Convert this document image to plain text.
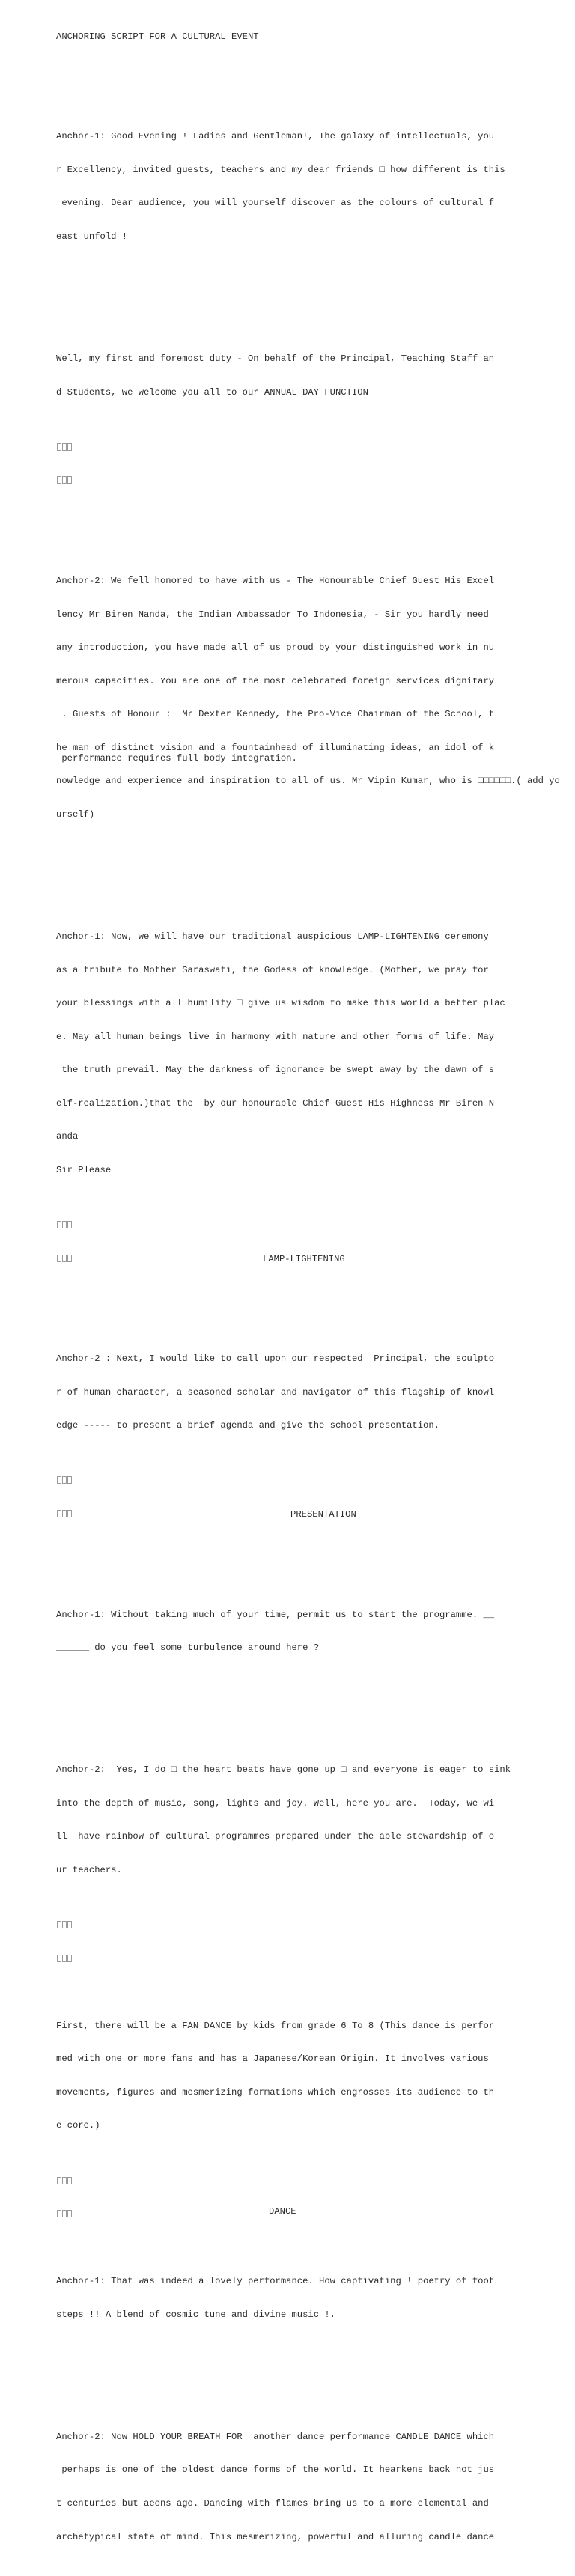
ANCHORING SCRIPT FOR A CULTURAL EVENT

Anchor-1: Good Evening ! Ladies and Gentleman!, The galaxy of intellectuals, you

r Excellency, invited guests, teachers and my dear friends □ how different is this

evening. Dear audience, you will yourself discover as the colours of cultural f

east unfold !

Well, my first and foremost duty - On behalf of the Principal, Teaching Staff an

d Students, we welcome you all to our ANNUAL DAY FUNCTION

Anchor-2: We fell honored to have with us - The Honourable Chief Guest His Excel

lency Mr Biren Nanda, the Indian Ambassador To Indonesia, - Sir you hardly need

any introduction, you have made all of us proud by your distinguished work in nu

merous capacities. You are one of the most celebrated foreign services dignitary

. Guests of Honour :  Mr Dexter Kennedy, the Pro-Vice Chairman of the School, t

he man of distinct vision and a fountainhead of illuminating ideas, an idol of k

nowledge and experience and inspiration to all of us. Mr Vipin Kumar, who is □□□□□□.( add yo

urself)

Anchor-1: Now, we will have our traditional auspicious LAMP-LIGHTENING ceremony

as a tribute to Mother Saraswati, the Godess of knowledge. (Mother, we pray for

your blessings with all humility □ give us wisdom to make this world a better plac

e. May all human beings live in harmony with nature and other forms of life. May

the truth prevail. May the darkness of ignorance be swept away by the dawn of s

elf-realization.)that the  by our honourable Chief Guest His Highness Mr Biren N

anda

Sir Please

LAMP-LIGHTENING

Anchor-2 : Next, I would like to call upon our respected  Principal, the sculpto

r of human character, a seasoned scholar and navigator of this flagship of knowl

edge ----- to present a brief agenda and give the school presentation.

PRESENTATION

Anchor-1: Without taking much of your time, permit us to start the programme. __

______ do you feel some turbulence around here ?

Anchor-2:  Yes, I do □ the heart beats have gone up □ and everyone is eager to sink

into the depth of music, song, lights and joy. Well, here you are.  Today, we wi

ll  have rainbow of cultural programmes prepared under the able stewardship of o

ur teachers.

First, there will be a FAN DANCE by kids from grade 6 To 8 (This dance is perfor

med with one or more fans and has a Japanese/Korean Origin. It involves various

movements, figures and mesmerizing formations which engrosses its audience to th

e core.)

DANCE

Anchor-1: That was indeed a lovely performance. How captivating ! poetry of foot

steps !! A blend of cosmic tune and divine music !.

Anchor-2: Now HOLD YOUR BREATH FOR  another dance performance CANDLE DANCE which

perhaps is one of the oldest dance forms of the world. It hearkens back not jus

t centuries but aeons ago. Dancing with flames bring us to a more elemental and

archetypical state of mind. This mesmerizing, powerful and alluring candle dance

performance requires full body integration.
